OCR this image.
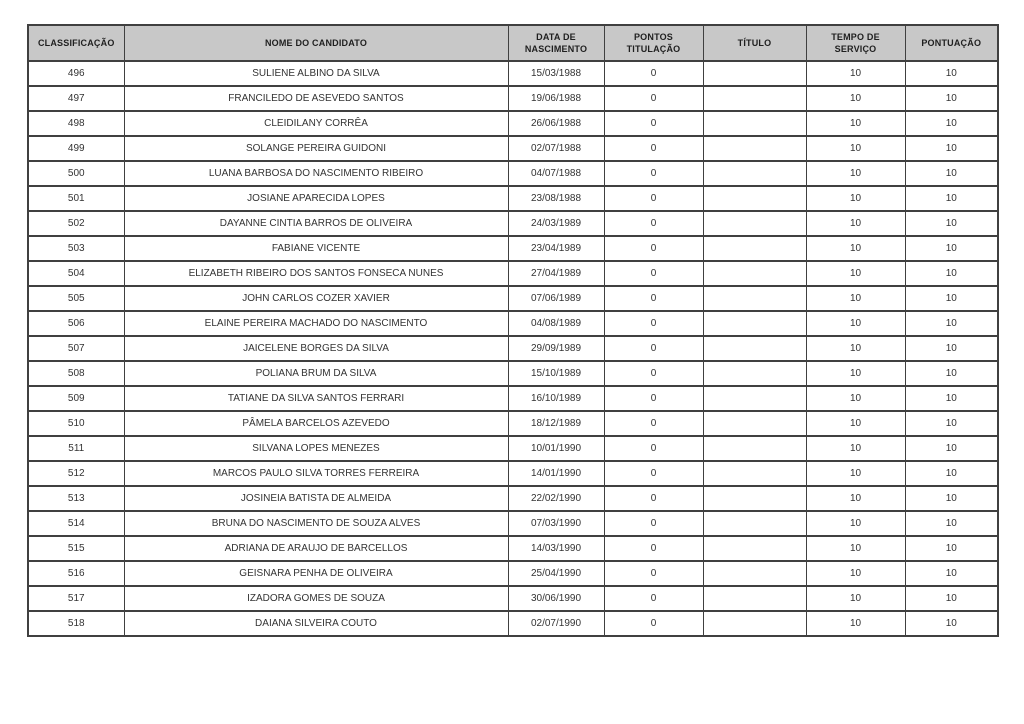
CLASSIFICAÇÃO	NOME DO CANDIDATO	DATA DE NASCIMENTO	PONTOS TITULAÇÃO	TÍTULO	TEMPO DE SERVIÇO	PONTUAÇÃO
496	SULIENE ALBINO DA SILVA	15/03/1988	0		10	10
497	FRANCILEDO DE ASEVEDO SANTOS	19/06/1988	0		10	10
498	CLEIDILANY CORRÊA	26/06/1988	0		10	10
499	SOLANGE PEREIRA GUIDONI	02/07/1988	0		10	10
500	LUANA BARBOSA DO NASCIMENTO RIBEIRO	04/07/1988	0		10	10
501	JOSIANE APARECIDA LOPES	23/08/1988	0		10	10
502	DAYANNE CINTIA BARROS DE OLIVEIRA	24/03/1989	0		10	10
503	FABIANE VICENTE	23/04/1989	0		10	10
504	ELIZABETH RIBEIRO DOS SANTOS FONSECA NUNES	27/04/1989	0		10	10
505	JOHN CARLOS COZER XAVIER	07/06/1989	0		10	10
506	ELAINE PEREIRA MACHADO DO NASCIMENTO	04/08/1989	0		10	10
507	JAICELENE BORGES DA SILVA	29/09/1989	0		10	10
508	POLIANA BRUM DA SILVA	15/10/1989	0		10	10
509	TATIANE DA SILVA SANTOS FERRARI	16/10/1989	0		10	10
510	PÂMELA BARCELOS AZEVEDO	18/12/1989	0		10	10
511	SILVANA LOPES MENEZES	10/01/1990	0		10	10
512	MARCOS PAULO SILVA TORRES FERREIRA	14/01/1990	0		10	10
513	JOSINEIA BATISTA DE ALMEIDA	22/02/1990	0		10	10
514	BRUNA DO NASCIMENTO DE SOUZA ALVES	07/03/1990	0		10	10
515	ADRIANA DE ARAUJO DE BARCELLOS	14/03/1990	0		10	10
516	GEISNARA PENHA DE OLIVEIRA	25/04/1990	0		10	10
517	IZADORA GOMES DE SOUZA	30/06/1990	0		10	10
518	DAIANA SILVEIRA COUTO	02/07/1990	0		10	10
